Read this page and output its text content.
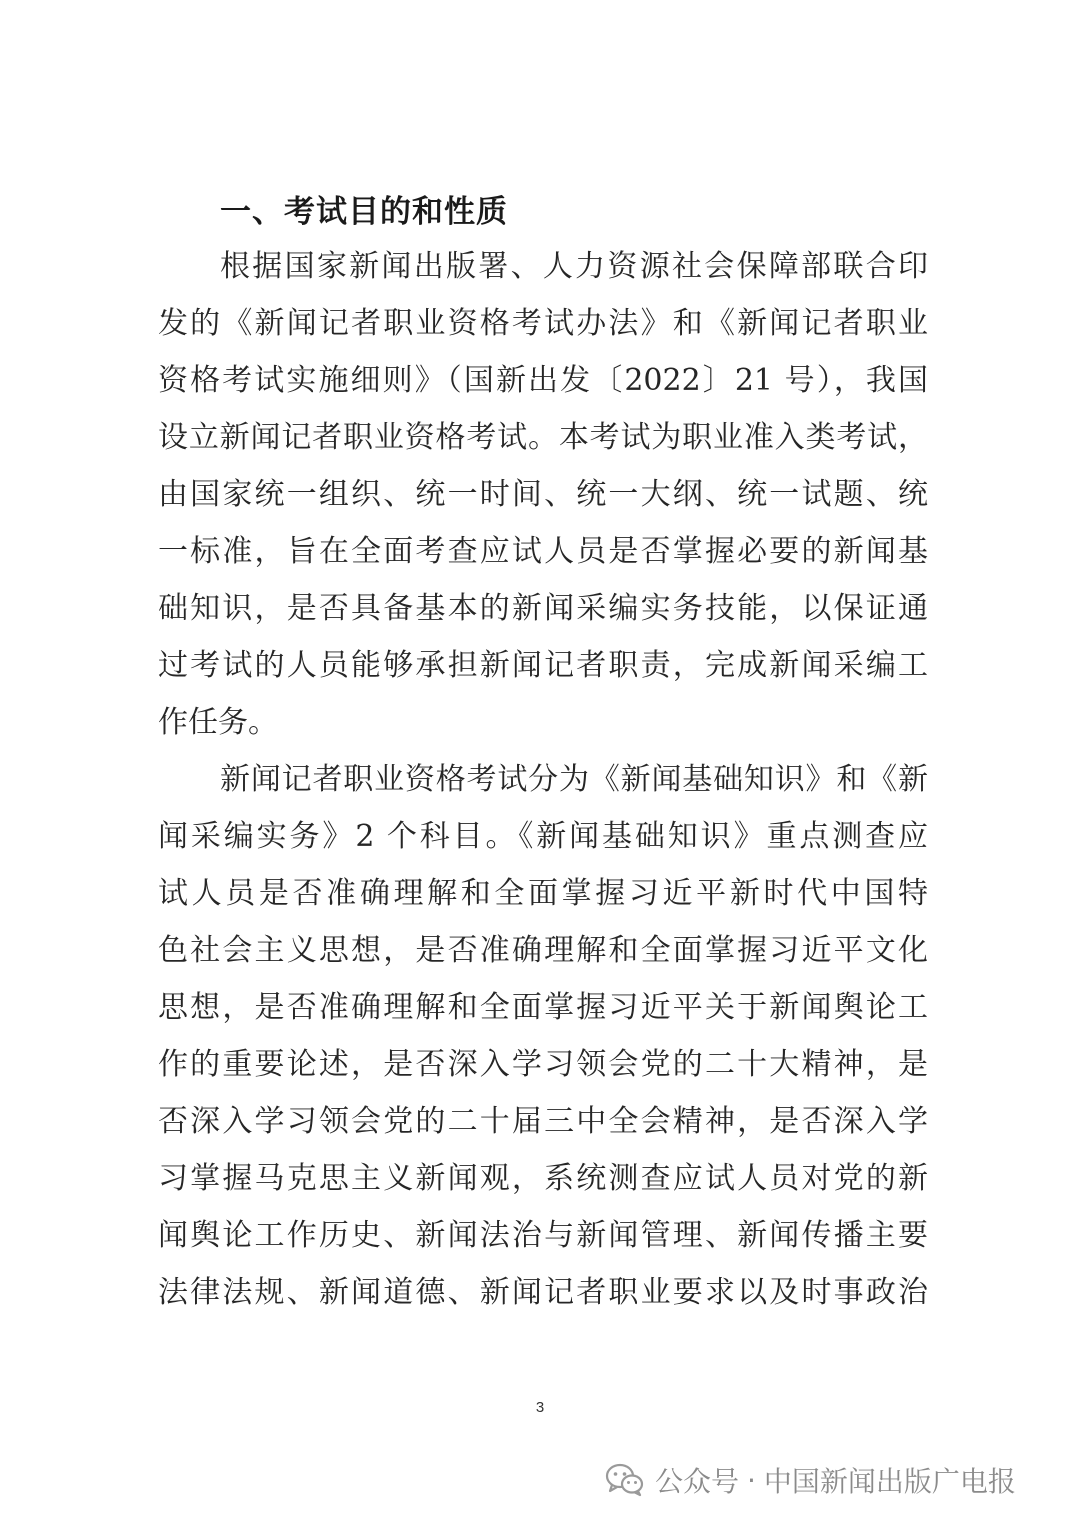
一、考试目的和性质
根据国家新闻出版署、人力资源社会保障部联合印
发的《新闻记者职业资格考试办法》和《新闻记者职业
资格考试实施细则》（国新出发〔2022〕21 号），我国
设立新闻记者职业资格考试。本考试为职业准入类考试，
由国家统一组织、统一时间、统一大纲、统一试题、统
一标准，旨在全面考查应试人员是否掌握必要的新闻基
础知识，是否具备基本的新闻采编实务技能，以保证通
过考试的人员能够承担新闻记者职责，完成新闻采编工
作任务。
新闻记者职业资格考试分为《新闻基础知识》和《新
闻采编实务》2 个科目。《新闻基础知识》重点测查应
试人员是否准确理解和全面掌握习近平新时代中国特
色社会主义思想，是否准确理解和全面掌握习近平文化
思想，是否准确理解和全面掌握习近平关于新闻舆论工
作的重要论述，是否深入学习领会党的二十大精神，是
否深入学习领会党的二十届三中全会精神，是否深入学
习掌握马克思主义新闻观，系统测查应试人员对党的新
闻舆论工作历史、新闻法治与新闻管理、新闻传播主要
法律法规、新闻道德、新闻记者职业要求以及时事政治
3
公众号 · 中国新闻出版广电报
